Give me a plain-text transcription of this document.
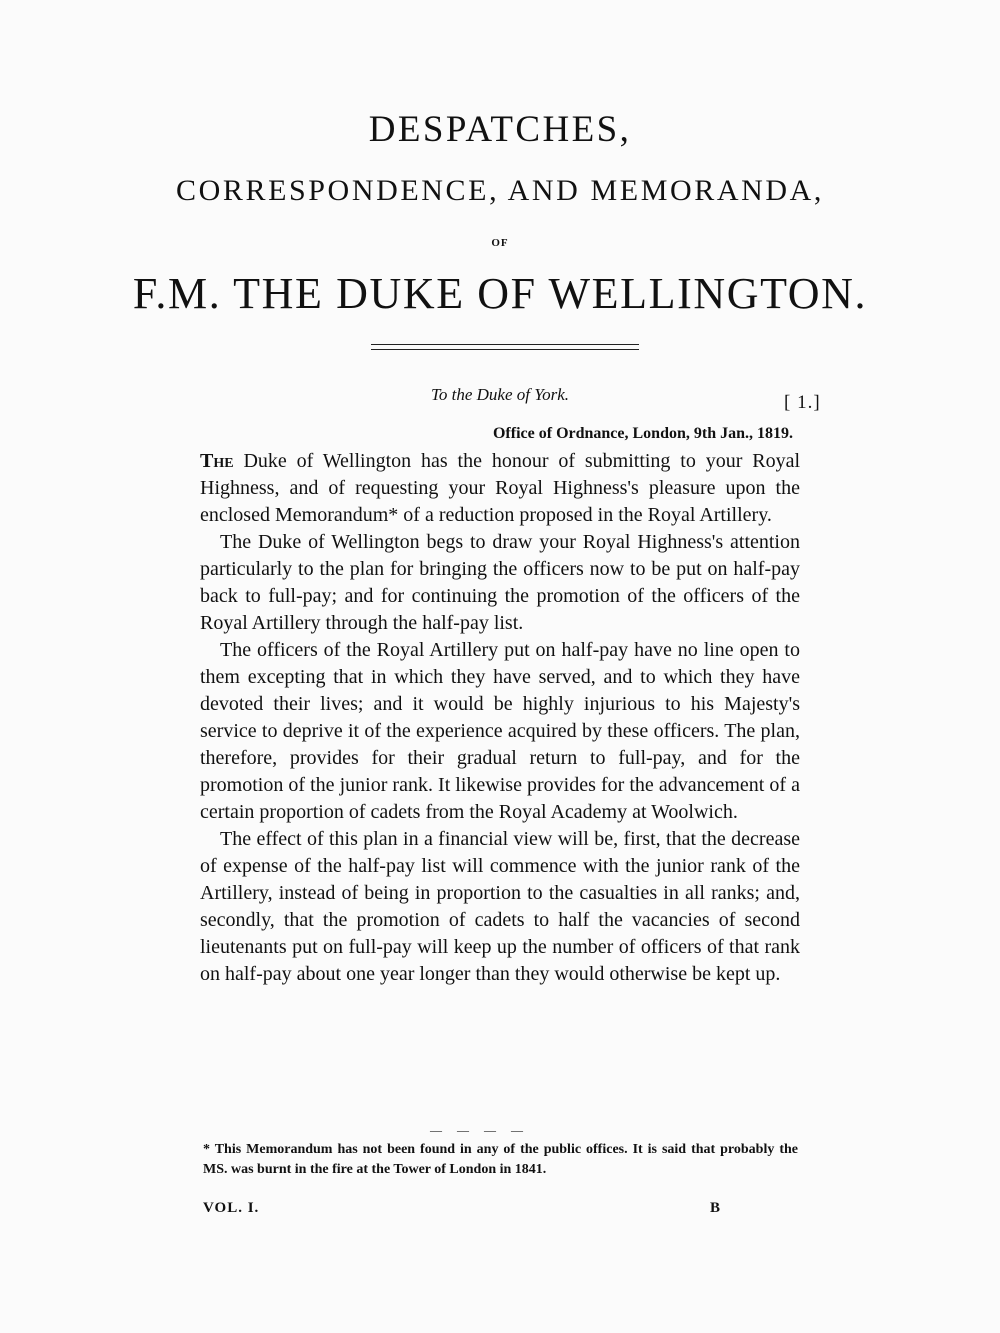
DESPATCHES,
CORRESPONDENCE, AND MEMORANDA,
OF
F.M. THE DUKE OF WELLINGTON.
To the Duke of York.	[ 1.]
Office of Ordnance, London, 9th Jan., 1819.

The Duke of Wellington has the honour of submitting to your Royal Highness, and of requesting your Royal Highness's pleasure upon the enclosed Memorandum* of a reduction proposed in the Royal Artillery.

The Duke of Wellington begs to draw your Royal Highness's attention particularly to the plan for bringing the officers now to be put on half-pay back to full-pay; and for continuing the promotion of the officers of the Royal Artillery through the half-pay list.

The officers of the Royal Artillery put on half-pay have no line open to them excepting that in which they have served, and to which they have devoted their lives; and it would be highly injurious to his Majesty's service to deprive it of the experience acquired by these officers. The plan, therefore, provides for their gradual return to full-pay, and for the promotion of the junior rank. It likewise provides for the advancement of a certain proportion of cadets from the Royal Academy at Woolwich.

The effect of this plan in a financial view will be, first, that the decrease of expense of the half-pay list will commence with the junior rank of the Artillery, instead of being in proportion to the casualties in all ranks; and, secondly, that the promotion of cadets to half the vacancies of second lieutenants put on full-pay will keep up the number of officers of that rank on half-pay about one year longer than they would otherwise be kept up.

— — — —
* This Memorandum has not been found in any of the public offices. It is said that probably the MS. was burnt in the fire at the Tower of London in 1841.
VOL. I.	B
